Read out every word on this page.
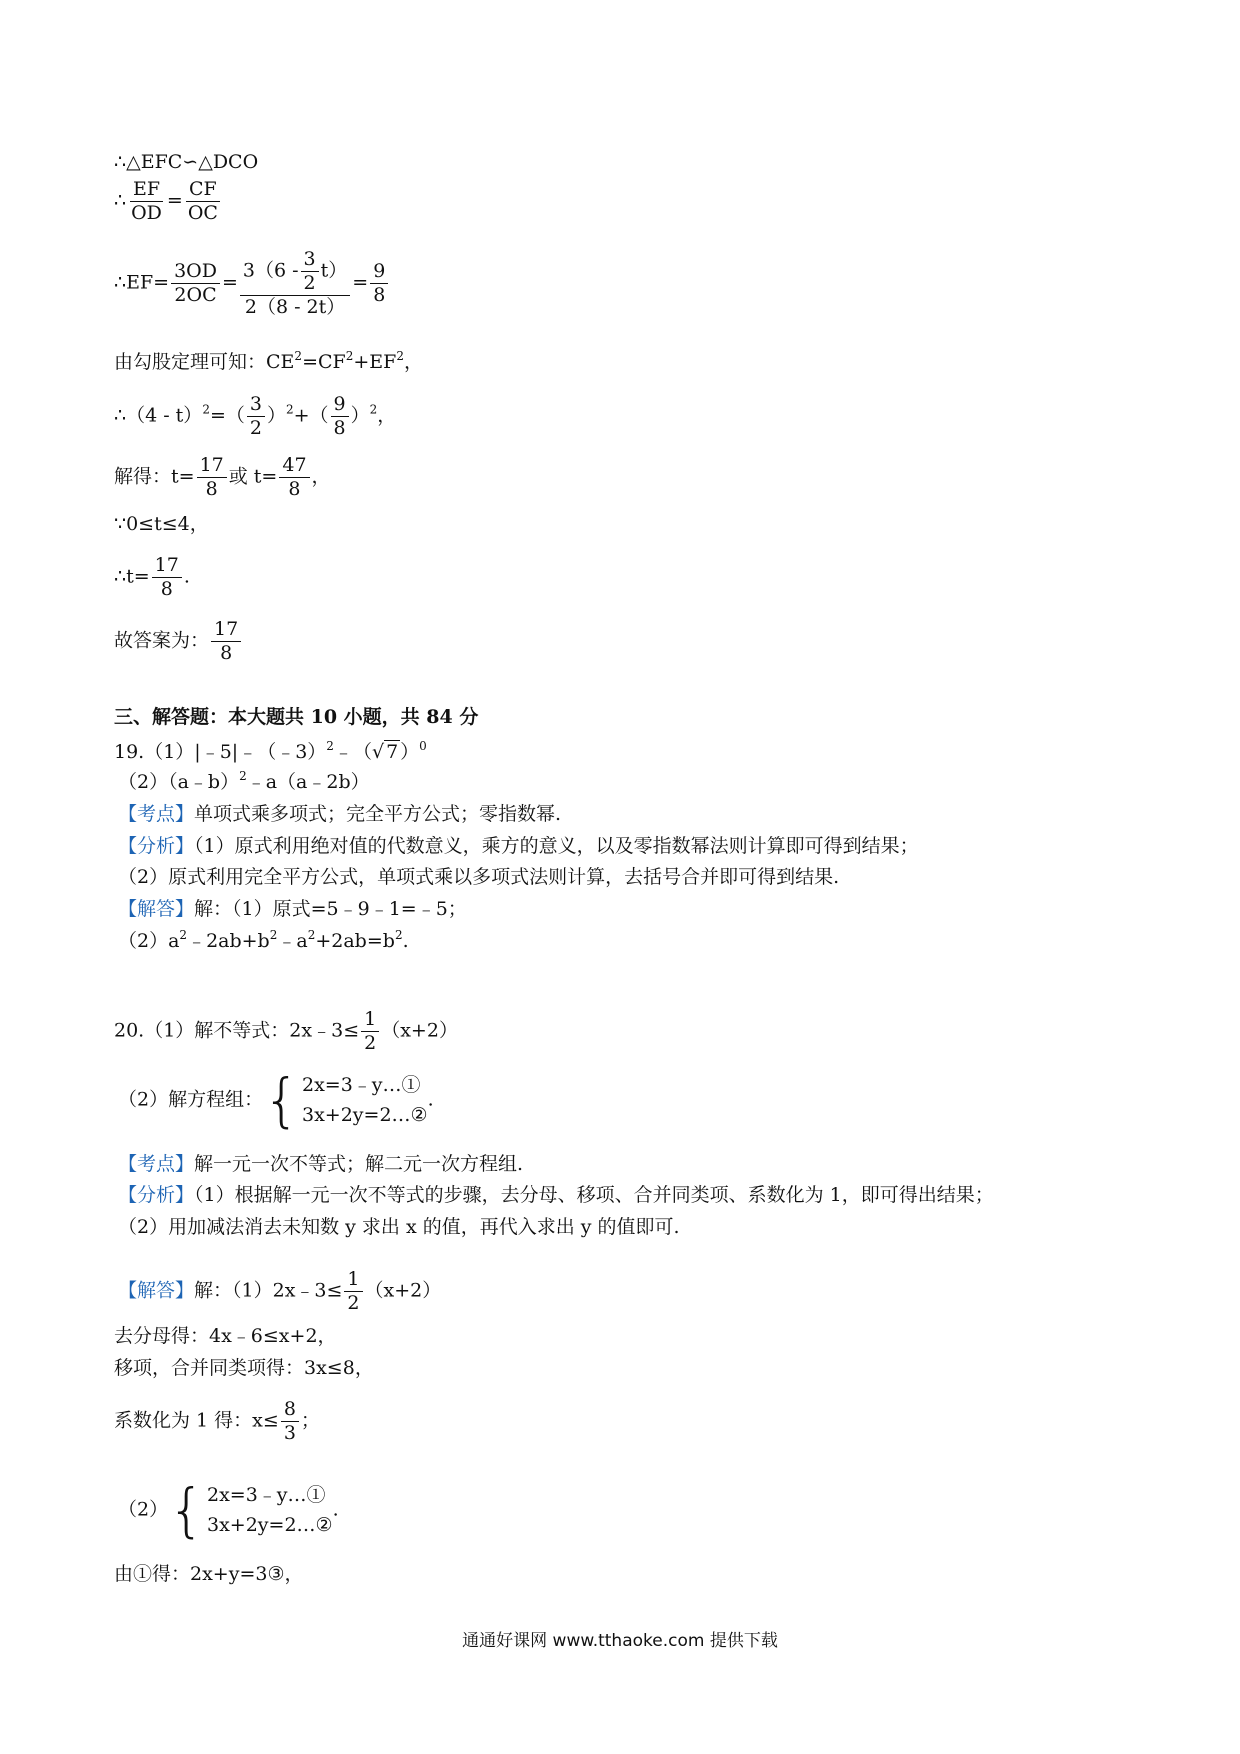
∴△EFC∽△DCO
∴ $\frac{EF}{OD} = \frac{CF}{OC}$
∴EF= $\frac{3OD}{2OC} = \frac{3(6 - \frac{3}{2} t)}{2(8 - 2t)} = \frac{9}{8}$
由勾股定理可知：$CE^2=CF^2+EF^2$，
∴（4 - $t)^2=( \frac{3}{2} )^2+( \frac{9}{8} )^2$，
解得：$t= \frac{17}{8}$ 或 $t= \frac{47}{8}$ ，
∵0≤t≤4，
∴t= $\frac{17}{8}$ .
故答案为： $\frac{17}{8}$
三、解答题：本大题共 10 小题，共 84 分
19.（1）|﹣5|﹣（﹣3）$^2$﹣（√ 7 ）$^0$
（2）（a﹣b）$^2$﹣a（a﹣2b）
【考点】单项式乘多项式；完全平方公式；零指数幂.
【分析】（1）原式利用绝对值的代数意义，乘方的意义，以及零指数幂法则计算即可得到结果；
（2）原式利用完全平方公式，单项式乘以多项式法则计算，去括号合并即可得到结果.
【解答】解：（1）原式=5﹣9﹣1=﹣5；
$(2)a^2﹣2ab+b^2﹣a^2+2ab=b^2$.
20.（1）解不等式：2x﹣3≤ $\frac{1}{2} (x+2)$
（2）解方程组：{ 2x=3﹣y…①
3x+2y=2…②
.
【考点】解一元一次不等式；解二元一次方程组.
【分析】（1）根据解一元一次不等式的步骤，去分母、移项、合并同类项、系数化为 1，即可得出结果；
（2）用加减法消去未知数 y 求出 x 的值，再代入求出 y 的值即可.
【解答】解：（1）2x﹣3≤ $\frac{1}{2} (x+2)$
去分母得：4x﹣6≤x+2，
移项，合并同类项得：3x≤8，
系数化为 1 得：$x\le \frac{8}{3}$ ；
（2）{ 2x=3﹣y…①
3x+2y=2…②
.
由①得：2x+y=3③，
通通好课网 www.tthaoke.com 提供下载
